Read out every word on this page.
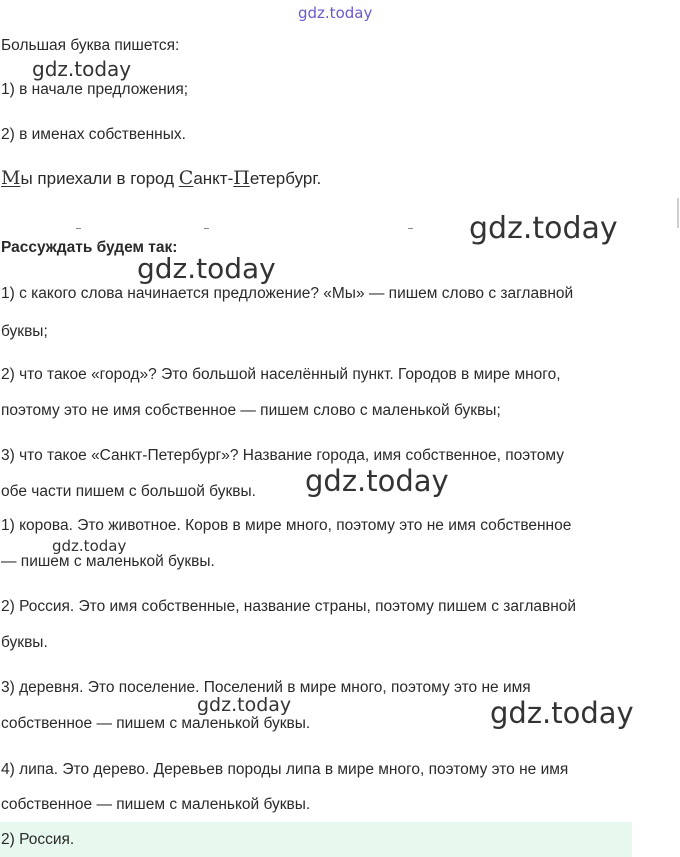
gdz.today
Большая буква пишется:
gdz.today
1) в начале предложения;
2) в именах собственных.
Мы приехали в город Санкт-Петербург.
gdz.today
Рассуждать будем так:
gdz.today
1) с какого слова начинается предложение? «Мы» — пишем слово с заглавной
буквы;
2) что такое «город»? Это большой населённый пункт. Городов в мире много,
поэтому это не имя собственное — пишем слово с маленькой буквы;
3) что такое «Санкт-Петербург»? Название города, имя собственное, поэтому
обе части пишем с большой буквы. gdz.today
1) корова. Это животное. Коров в мире много, поэтому это не имя собственное
gdz.today
— пишем с маленькой буквы.
2) Россия. Это имя собственные, название страны, поэтому пишем с заглавной
буквы.
3) деревня. Это поселение. Поселений в мире много, поэтому это не имя
gdz.today	gdz.today
собственное — пишем с маленькой буквы.
4) липа. Это дерево. Деревьев породы липа в мире много, поэтому это не имя
собственное — пишем с маленькой буквы.
2) Россия.
